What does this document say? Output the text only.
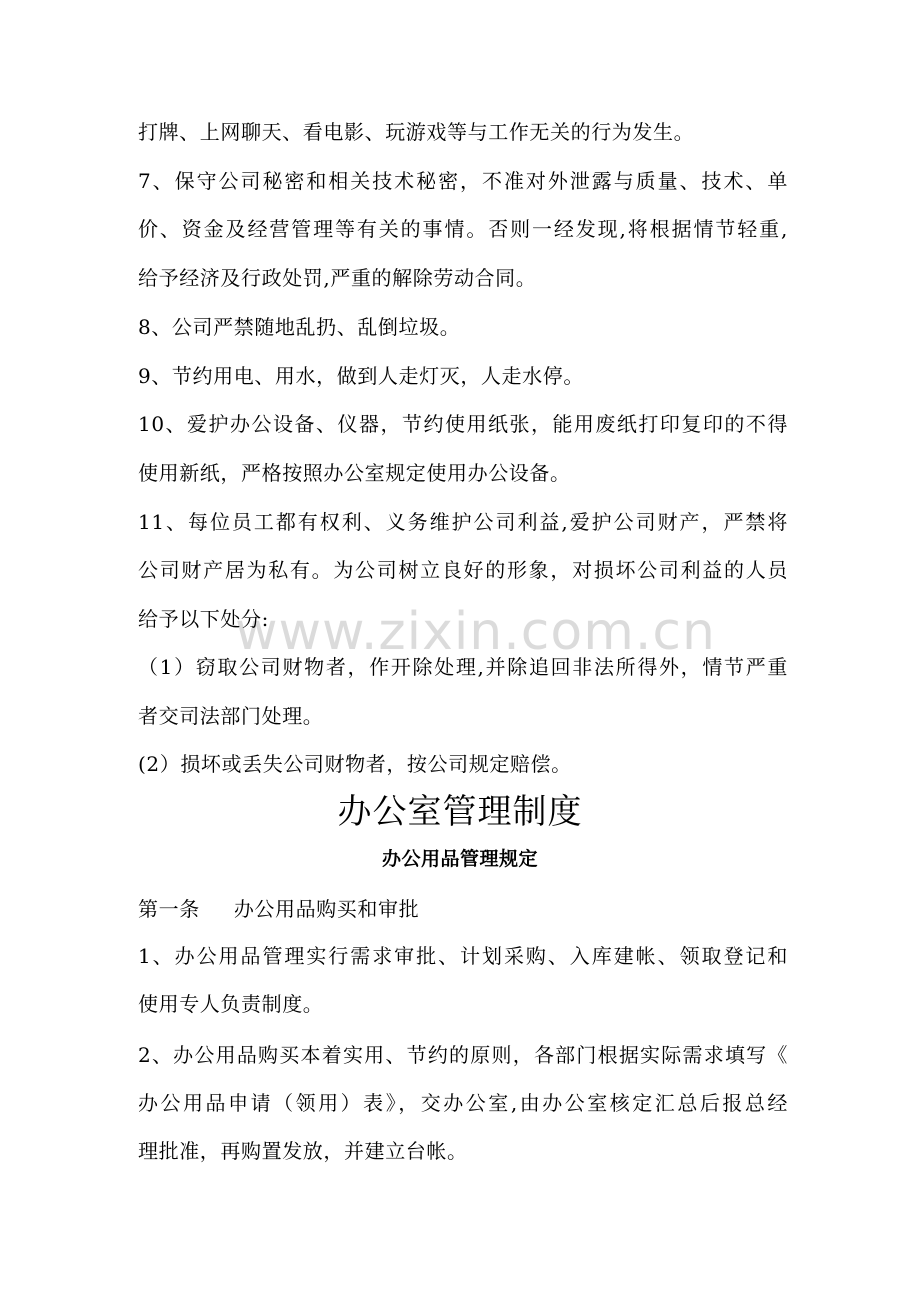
www.zixin.com.cn
打牌、上网聊天、看电影、玩游戏等与工作无关的行为发生。
7、保守公司秘密和相关技术秘密，不准对外泄露与质量、技术、单
价、资金及经营管理等有关的事情。否则一经发现,将根据情节轻重,
给予经济及行政处罚,严重的解除劳动合同。
8、公司严禁随地乱扔、乱倒垃圾。
9、节约用电、用水，做到人走灯灭，人走水停。
10、爱护办公设备、仪器，节约使用纸张，能用废纸打印复印的不得
使用新纸，严格按照办公室规定使用办公设备。
11、每位员工都有权利、义务维护公司利益,爱护公司财产，严禁将
公司财产居为私有。为公司树立良好的形象，对损坏公司利益的人员
给予以下处分:
（1）窃取公司财物者，作开除处理,并除追回非法所得外，情节严重
者交司法部门处理。
(2）损坏或丢失公司财物者，按公司规定赔偿。
办公室管理制度
办公用品管理规定
第一条 办公用品购买和审批
1、办公用品管理实行需求审批、计划采购、入库建帐、领取登记和
使用专人负责制度。
2、办公用品购买本着实用、节约的原则，各部门根据实际需求填写《
办公用品申请（领用）表》，交办公室,由办公室核定汇总后报总经
理批准，再购置发放，并建立台帐。
